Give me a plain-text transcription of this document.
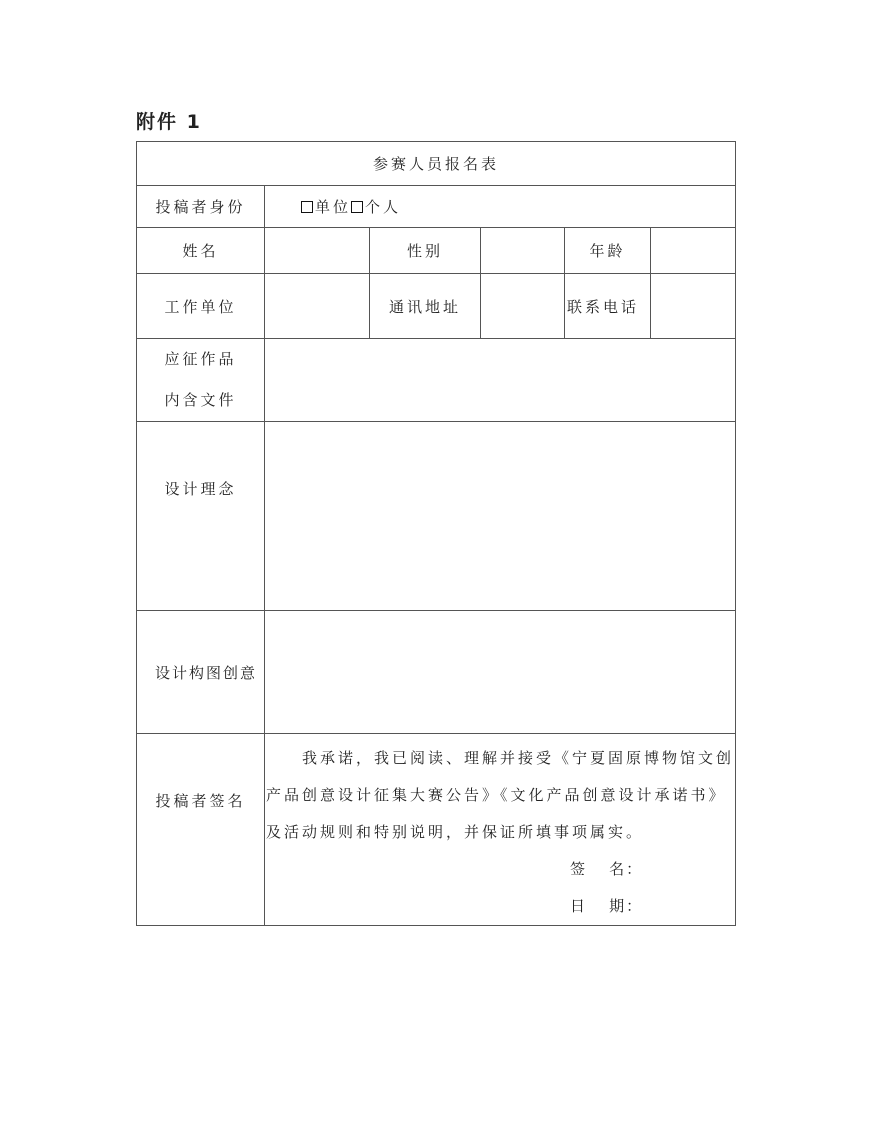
附件 1
参赛人员报名表					
投稿者身份	单位 个人				
姓名		性别		年龄	
工作单位		通讯地址		联系电话	

应征作品
内含文件					

设计理念					
设计构图创意					
投稿者签名	我承诺，我已阅读、理解并接受《宁夏固原博物馆文创产品创意设计征集大赛公告》《文化产品创意设计承诺书》及活动规则和特别说明，并保证所填事项属实。

签 名：
日 期：				
